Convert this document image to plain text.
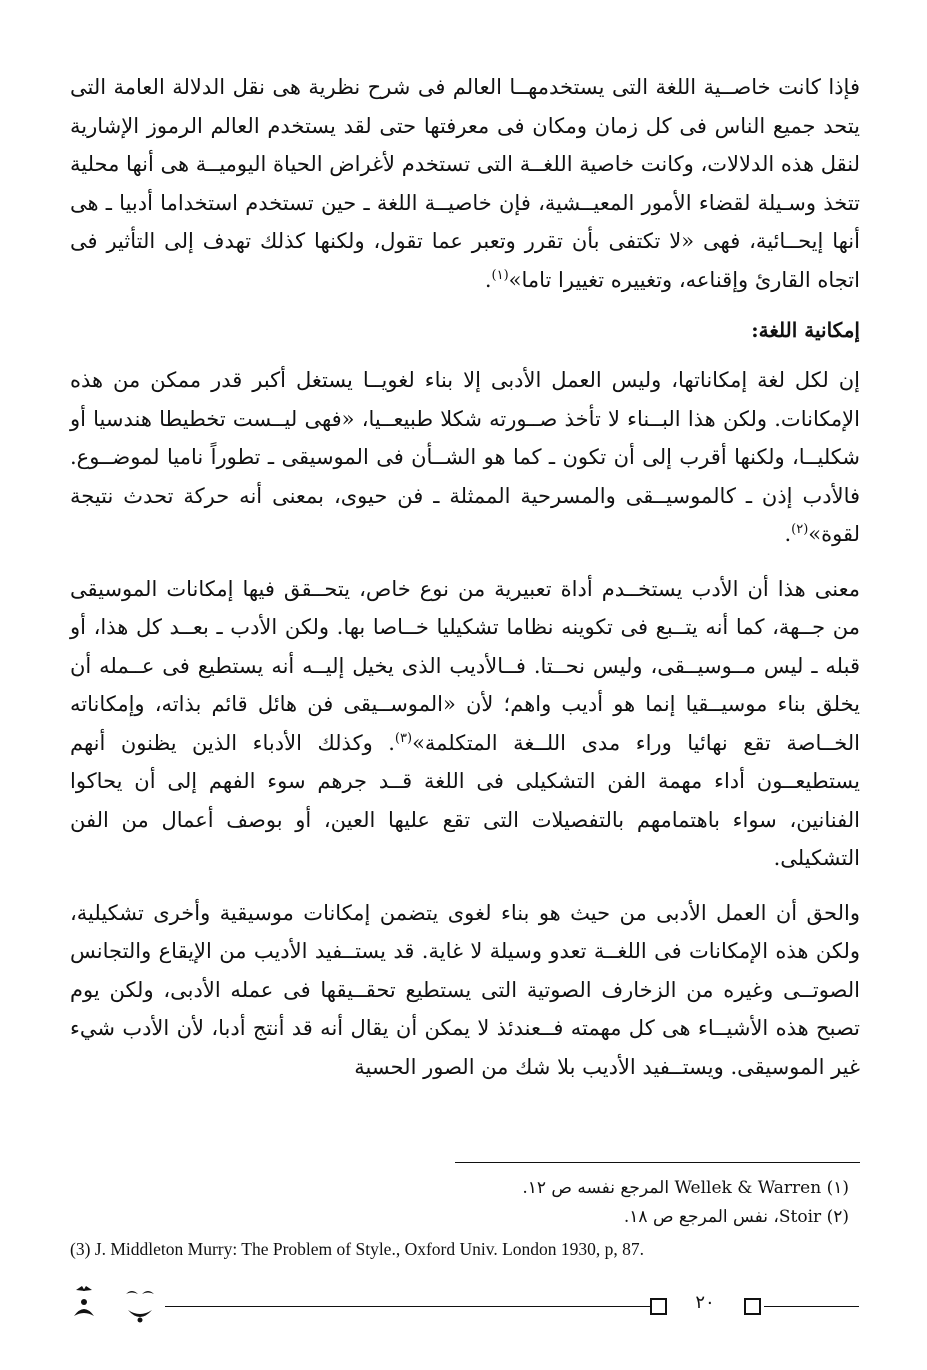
فإذا كانت خاصــية اللغة التى يستخدمهــا العالم فى شرح نظرية هى نقل الدلالة العامة التى يتحد جميع الناس فى كل زمان ومكان فى معرفتها حتى لقد يستخدم العالم الرموز الإشارية لنقل هذه الدلالات، وكانت خاصية اللغــة التى تستخدم لأغراض الحياة اليوميــة هى أنها محلية تتخذ وسـيلة لقضاء الأمور المعيــشية، فإن خاصيــة اللغة ـ حين تستخدم استخداما أدبيا ـ هى أنها إيحــائية، فهى «لا تكتفى بأن تقرر وتعبر عما تقول، ولكنها كذلك تهدف إلى التأثير فى اتجاه القارئ وإقناعه، وتغييره تغييرا تاما»$^{(١)}$.

إمكانية اللغة:

إن لكل لغة إمكاناتها، وليس العمل الأدبى إلا بناء لغويــا يستغل أكبر قدر ممكن من هذه الإمكانات. ولكن هذا البــناء لا تأخذ صــورته شكلا طبيعــيا، «فهى ليــست تخطيطا هندسيا أو شكليــا، ولكنها أقرب إلى أن تكون ـ كما هو الشــأن فى الموسيقى ـ تطوراً ناميا لموضــوع. فالأدب إذن ـ كالموسيــقى والمسرحية الممثلة ـ فن حيوى، بمعنى أنه حركة تحدث نتيجة لقوة»$^{(٢)}$.

معنى هذا أن الأدب يستخــدم أداة تعبيرية من نوع خاص، يتحــقق فيها إمكانات الموسيقى من جــهة، كما أنه يتــبع فى تكوينه نظاما تشكيليا خــاصا بها. ولكن الأدب ـ بعــد كل هذا، أو قبله ـ ليس مــوسيــقى، وليس نحــتا. فــالأديب الذى يخيل إليــه أنه يستطيع فى عــمله أن يخلق بناء موسيــقيا إنما هو أديب واهم؛ لأن «الموســيقى فن هائل قائم بذاته، وإمكاناته الخــاصة تقع نهائيا وراء مدى اللــغة المتكلمة»$^{(٣)}$. وكذلك الأدباء الذين يظنون أنهم يستطيعــون أداء مهمة الفن التشكيلى فى اللغة قــد جرهم سوء الفهم إلى أن يحاكوا الفنانين، سواء باهتمامهم بالتفصيلات التى تقع عليها العين، أو بوصف أعمال من الفن التشكيلى.

والحق أن العمل الأدبى من حيث هو بناء لغوى يتضمن إمكانات موسيقية وأخرى تشكيلية، ولكن هذه الإمكانات فى اللغــة تعدو وسيلة لا غاية. قد يستــفيد الأديب من الإيقاع والتجانس الصوتــى وغيره من الزخارف الصوتية التى يستطيع تحقــيقها فى عمله الأدبى، ولكن يوم تصبح هذه الأشيــاء هى كل مهمته فــعندئذ لا يمكن أن يقال أنه قد أنتج أدبا، لأن الأدب شيء غير الموسيقى. ويستــفيد الأديب بلا شك من الصور الحسية

(١) Wellek & Warren المرجع نفسه ص ١٢.
(٢) Stoir، نفس المرجع ص ١٨.
(3) J. Middleton Murry: The Problem of Style., Oxford Univ. London 1930, p, 87.
٢٠
